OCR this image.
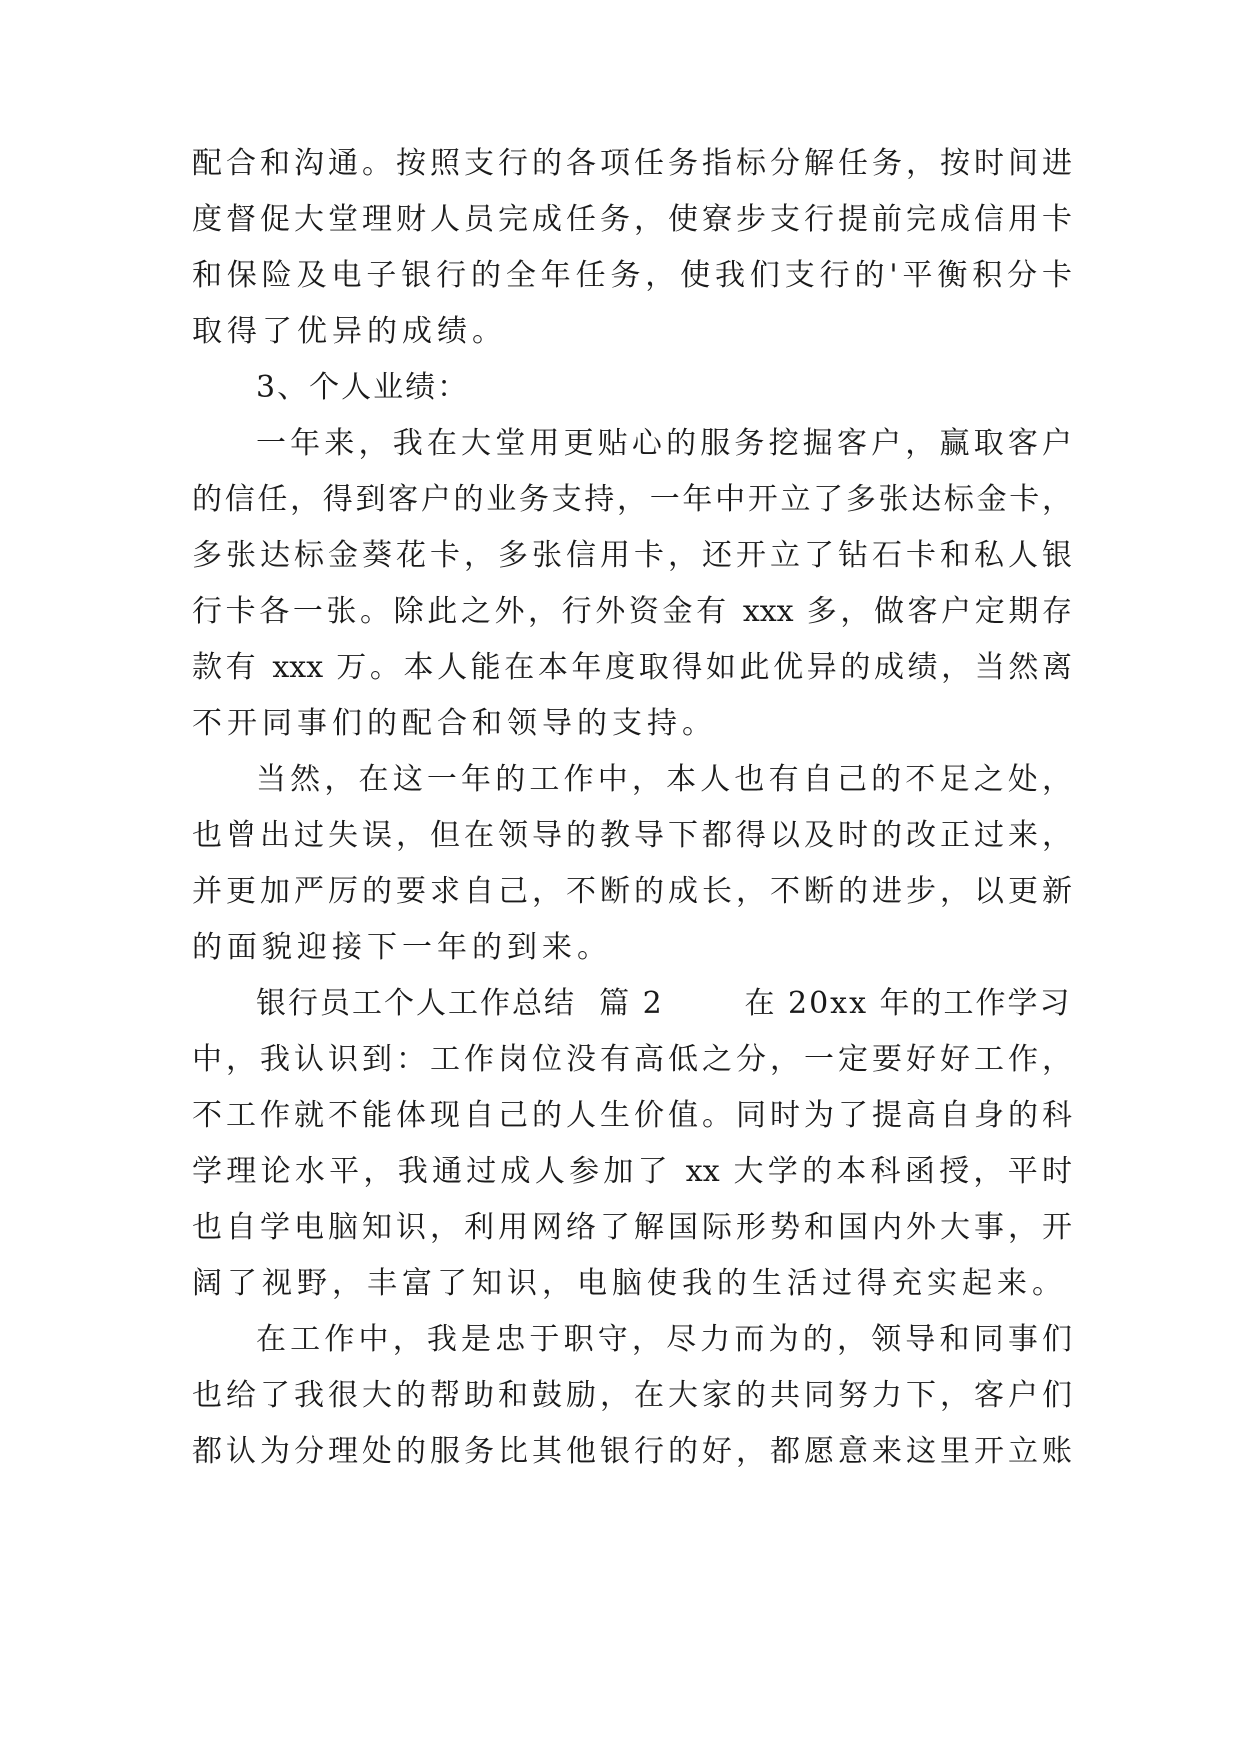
配合和沟通。按照支行的各项任务指标分解任务，按时间进
度督促大堂理财人员完成任务，使寮步支行提前完成信用卡
和保险及电子银行的全年任务，使我们支行的'平衡积分卡
取得了优异的成绩。
3、个人业绩：
一年来，我在大堂用更贴心的服务挖掘客户，赢取客户
的信任，得到客户的业务支持，一年中开立了多张达标金卡，
多张达标金葵花卡，多张信用卡，还开立了钻石卡和私人银
行卡各一张。除此之外，行外资金有 xxx 多，做客户定期存
款有 xxx 万。本人能在本年度取得如此优异的成绩，当然离
不开同事们的配合和领导的支持。
当然，在这一年的工作中，本人也有自己的不足之处，
也曾出过失误，但在领导的教导下都得以及时的改正过来，
并更加严厉的要求自己，不断的成长，不断的进步，以更新
的面貌迎接下一年的到来。
银行员工个人工作总结  篇 2       在 20xx 年的工作学习
中，我认识到：工作岗位没有高低之分，一定要好好工作，
不工作就不能体现自己的人生价值。同时为了提高自身的科
学理论水平，我通过成人参加了 xx 大学的本科函授，平时
也自学电脑知识，利用网络了解国际形势和国内外大事，开
阔了视野，丰富了知识，电脑使我的生活过得充实起来。
在工作中，我是忠于职守，尽力而为的，领导和同事们
也给了我很大的帮助和鼓励，在大家的共同努力下，客户们
都认为分理处的服务比其他银行的好，都愿意来这里开立账
